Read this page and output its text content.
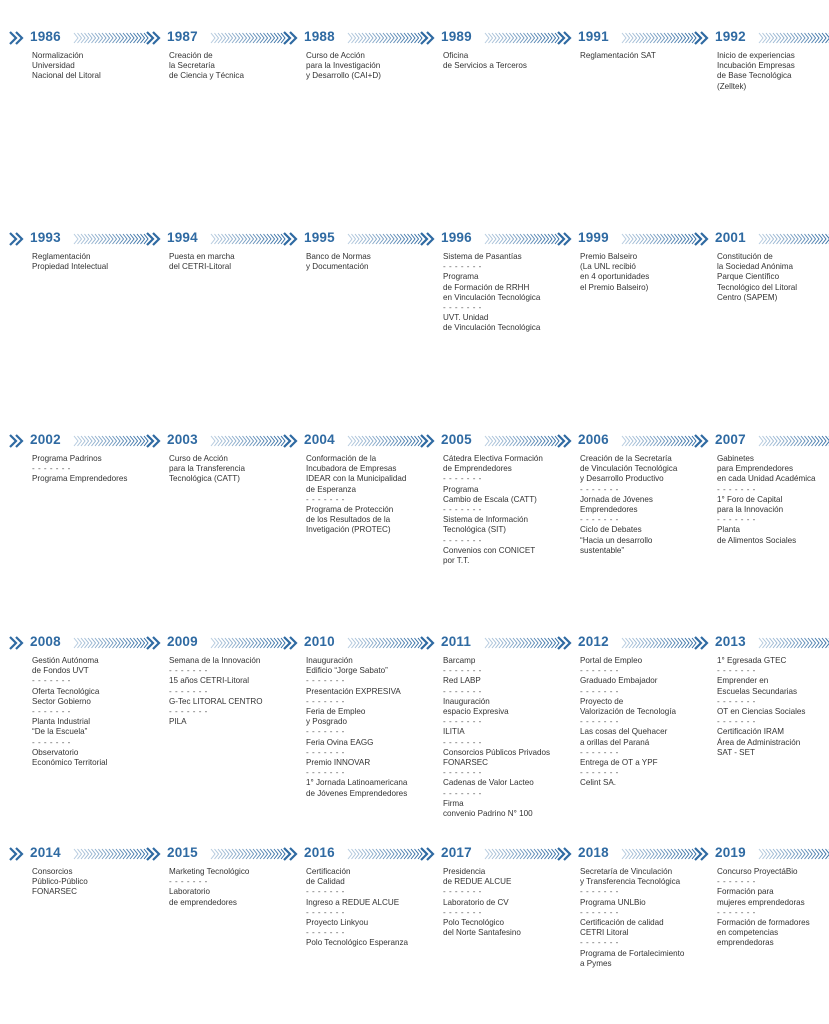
1986
Normalización
Universidad
Nacional del Litoral
1987
Creación de
la Secretaría
de Ciencia y Técnica
1988
Curso de Acción
para la Investigación
y Desarrollo (CAI+D)
1989
Oficina
de Servicios a Terceros
1991
Reglamentación SAT
1992
Inicio de experiencias
Incubación Empresas
de Base Tecnológica
(Zelltek)
1993
Reglamentación
Propiedad Intelectual
1994
Puesta en marcha
del CETRI-Litoral
1995
Banco de Normas
y Documentación
1996
Sistema de Pasantías
- - - - - - -
Programa
de Formación de RRHH
en Vinculación Tecnológica
- - - - - - -
UVT. Unidad
de Vinculación Tecnológica
1999
Premio Balseiro
(La UNL recibió
en 4 oportunidades
el Premio Balseiro)
2001
Constitución de
la Sociedad Anónima
Parque Científico
Tecnológico del Litoral
Centro (SAPEM)
2002
Programa Padrinos
- - - - - - -
Programa Emprendedores
2003
Curso de Acción
para la Transferencia
Tecnológica (CATT)
2004
Conformación de la
Incubadora de Empresas
IDEAR con la Municipalidad
de Esperanza
- - - - - - -
Programa de Protección
de los Resultados de la
Invetigación (PROTEC)
2005
Cátedra Electiva Formación
de Emprendedores
- - - - - - -
Programa
Cambio de Escala (CATT)
- - - - - - -
Sistema de Información
Tecnológica (SIT)
- - - - - - -
Convenios con CONICET
por T.T.
2006
Creación de la Secretaría
de Vinculación Tecnológica
y Desarrollo Productivo
- - - - - - -
Jornada de Jóvenes
Emprendedores
- - - - - - -
Ciclo de Debates
“Hacia un desarrollo
sustentable”
2007
Gabinetes
para Emprendedores
en cada Unidad Académica
- - - - - - -
1° Foro de Capital
para la Innovación
- - - - - - -
Planta
de Alimentos Sociales
2008
Gestión Autónoma
de Fondos UVT
- - - - - - -
Oferta Tecnológica
Sector Gobierno
- - - - - - -
Planta Industrial
“De la Escuela”
- - - - - - -
Observatorio
Económico Territorial
2009
Semana de la Innovación
- - - - - - -
15 años CETRI-Litoral
- - - - - - -
G-Tec LITORAL CENTRO
- - - - - - -
PILA
2010
Inauguración
Edificio “Jorge Sabato”
- - - - - - -
Presentación EXPRESIVA
- - - - - - -
Feria de Empleo
y Posgrado
- - - - - - -
Feria Ovina EAGG
- - - - - - -
Premio INNOVAR
- - - - - - -
1° Jornada Latinoamericana
de Jóvenes Emprendedores
2011
Barcamp
- - - - - - -
Red LABP
- - - - - - -
Inauguración
espacio Expresiva
- - - - - - -
ILITIA
- - - - - - -
Consorcios Públicos Privados
FONARSEC
- - - - - - -
Cadenas de Valor Lacteo
- - - - - - -
Firma
convenio Padrino N° 100
2012
Portal de Empleo
- - - - - - -
Graduado Embajador
- - - - - - -
Proyecto de
Valorización de Tecnología
- - - - - - -
Las cosas del Quehacer
a orillas del Paraná
- - - - - - -
Entrega de OT a YPF
- - - - - - -
Celint SA.
2013
1° Egresada GTEC
- - - - - - -
Emprender en
Escuelas Secundarias
- - - - - - -
OT en Ciencias Sociales
- - - - - - -
Certificación IRAM
Área de Administración
SAT - SET
2014
Consorcios
Público-Público
FONARSEC
2015
Marketing Tecnológico
- - - - - - -
Laboratorio
de emprendedores
2016
Certificación
de Calidad
- - - - - - -
Ingreso a REDUE ALCUE
- - - - - - -
Proyecto Linkyou
- - - - - - -
Polo Tecnológico Esperanza
2017
Presidencia
de REDUE ALCUE
- - - - - - -
Laboratorio de CV
- - - - - - -
Polo Tecnológico
del Norte Santafesino
2018
Secretaría de Vinculación
y Transferencia Tecnológica
- - - - - - -
Programa UNLBio
- - - - - - -
Certificación de calidad
CETRI Litoral
- - - - - - -
Programa de Fortalecimiento
a Pymes
2019
Concurso ProyectáBio
- - - - - - -
Formación para
mujeres emprendedoras
- - - - - - -
Formación de formadores
en competencias
emprendedoras
